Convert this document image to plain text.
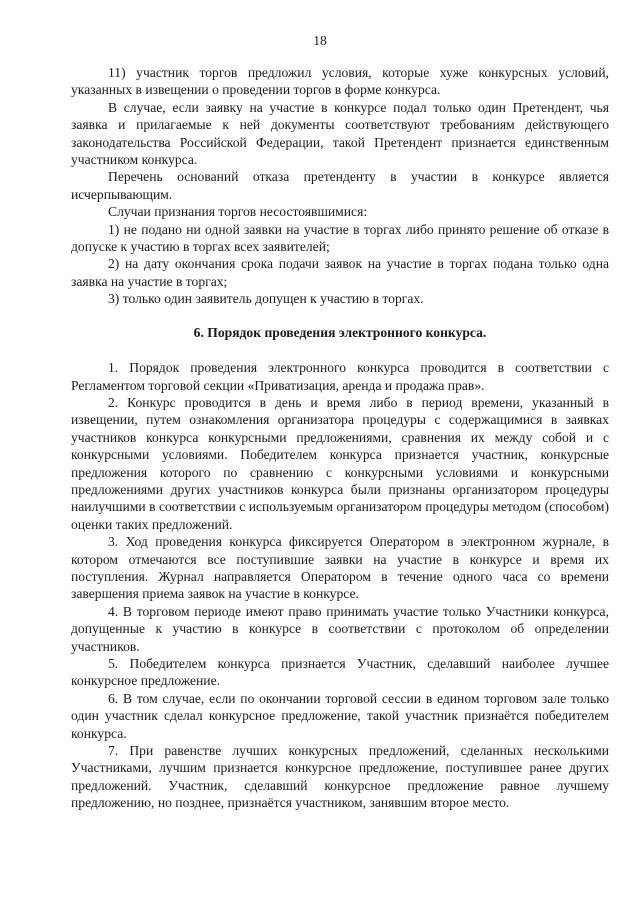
18

11) участник торгов предложил условия, которые хуже конкурсных условий, указанных в извещении о проведении торгов в форме конкурса.

В случае, если заявку на участие в конкурсе подал только один Претендент, чья заявка и прилагаемые к ней документы соответствуют требованиям действующего законодательства Российской Федерации, такой Претендент признается единственным участником конкурса.

Перечень оснований отказа претенденту в участии в конкурсе является исчерпывающим.

Случаи признания торгов несостоявшимися:

1) не подано ни одной заявки на участие в торгах либо принято решение об отказе в допуске к участию в торгах всех заявителей;

2) на дату окончания срока подачи заявок на участие в торгах подана только одна заявка на участие в торгах;

3) только один заявитель допущен к участию в торгах.

6. Порядок проведения электронного конкурса.

1. Порядок проведения электронного конкурса проводится в соответствии с Регламентом торговой секции «Приватизация, аренда и продажа прав».

2. Конкурс проводится в день и время либо в период времени, указанный в извещении, путем ознакомления организатора процедуры с содержащимися в заявках участников конкурса конкурсными предложениями, сравнения их между собой и с конкурсными условиями. Победителем конкурса признается участник, конкурсные предложения которого по сравнению с конкурсными условиями и конкурсными предложениями других участников конкурса были признаны организатором процедуры наилучшими в соответствии с используемым организатором процедуры методом (способом) оценки таких предложений.

3. Ход проведения конкурса фиксируется Оператором в электронном журнале, в котором отмечаются все поступившие заявки на участие в конкурсе и время их поступления. Журнал направляется Оператором в течение одного часа со времени завершения приема заявок на участие в конкурсе.

4. В торговом периоде имеют право принимать участие только Участники конкурса, допущенные к участию в конкурсе в соответствии с протоколом об определении участников.

5. Победителем конкурса признается Участник, сделавший наиболее лучшее конкурсное предложение.

6. В том случае, если по окончании торговой сессии в едином торговом зале только один участник сделал конкурсное предложение, такой участник признаётся победителем конкурса.

7. При равенстве лучших конкурсных предложений, сделанных несколькими Участниками, лучшим признается конкурсное предложение, поступившее ранее других предложений. Участник, сделавший конкурсное предложение равное лучшему предложению, но позднее, признаётся участником, занявшим второе место.
